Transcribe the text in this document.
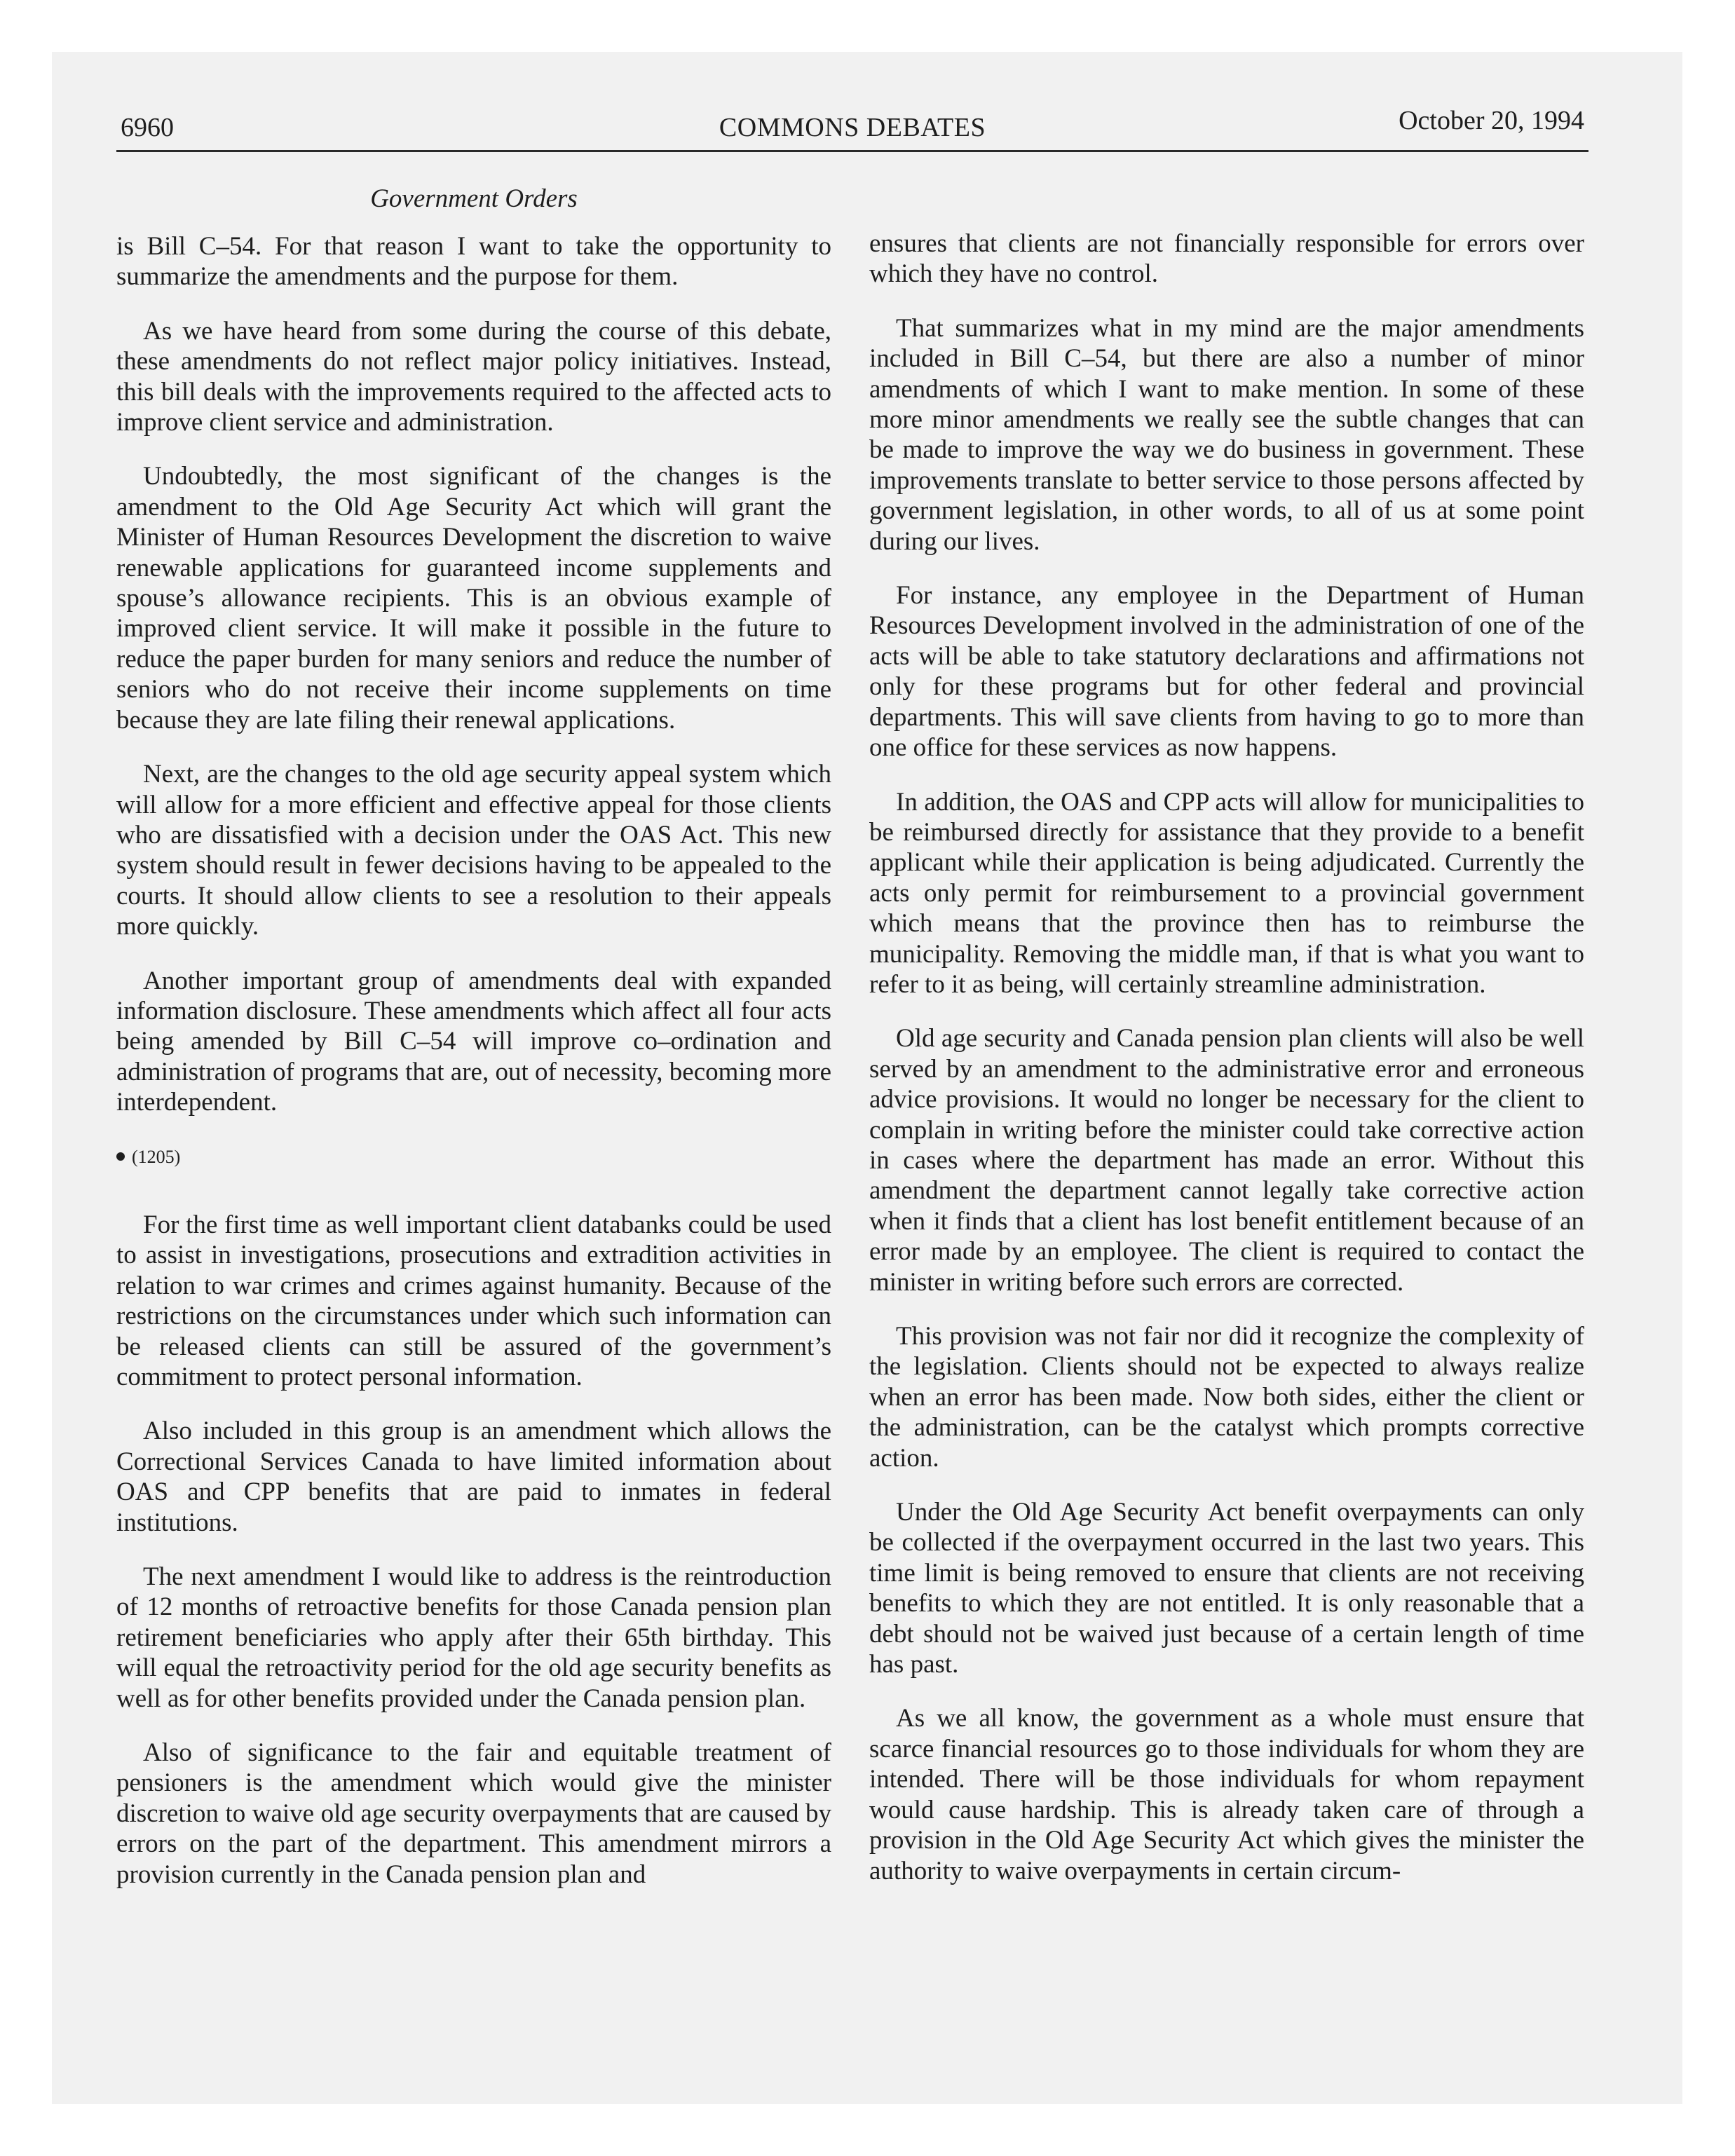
6960	COMMONS DEBATES	October 20, 1994
Government Orders

is Bill C–54. For that reason I want to take the opportunity to summarize the amendments and the purpose for them.

As we have heard from some during the course of this debate, these amendments do not reflect major policy initiatives. Instead, this bill deals with the improvements required to the affected acts to improve client service and administration.

Undoubtedly, the most significant of the changes is the amendment to the Old Age Security Act which will grant the Minister of Human Resources Development the discretion to waive renewable applications for guaranteed income supplements and spouse’s allowance recipients. This is an obvious example of improved client service. It will make it possible in the future to reduce the paper burden for many seniors and reduce the number of seniors who do not receive their income supplements on time because they are late filing their renewal applications.

Next, are the changes to the old age security appeal system which will allow for a more efficient and effective appeal for those clients who are dissatisfied with a decision under the OAS Act. This new system should result in fewer decisions having to be appealed to the courts. It should allow clients to see a resolution to their appeals more quickly.

Another important group of amendments deal with expanded information disclosure. These amendments which affect all four acts being amended by Bill C–54 will improve co–ordination and administration of programs that are, out of necessity, becoming more interdependent.

(1205)

For the first time as well important client databanks could be used to assist in investigations, prosecutions and extradition activities in relation to war crimes and crimes against humanity. Because of the restrictions on the circumstances under which such information can be released clients can still be assured of the government’s commitment to protect personal information.

Also included in this group is an amendment which allows the Correctional Services Canada to have limited information about OAS and CPP benefits that are paid to inmates in federal institutions.

The next amendment I would like to address is the reintroduction of 12 months of retroactive benefits for those Canada pension plan retirement beneficiaries who apply after their 65th birthday. This will equal the retroactivity period for the old age security benefits as well as for other benefits provided under the Canada pension plan.

Also of significance to the fair and equitable treatment of pensioners is the amendment which would give the minister discretion to waive old age security overpayments that are caused by errors on the part of the department. This amendment mirrors a provision currently in the Canada pension plan and

ensures that clients are not financially responsible for errors over which they have no control.

That summarizes what in my mind are the major amendments included in Bill C–54, but there are also a number of minor amendments of which I want to make mention. In some of these more minor amendments we really see the subtle changes that can be made to improve the way we do business in government. These improvements translate to better service to those persons affected by government legislation, in other words, to all of us at some point during our lives.

For instance, any employee in the Department of Human Resources Development involved in the administration of one of the acts will be able to take statutory declarations and affirmations not only for these programs but for other federal and provincial departments. This will save clients from having to go to more than one office for these services as now happens.

In addition, the OAS and CPP acts will allow for municipalities to be reimbursed directly for assistance that they provide to a benefit applicant while their application is being adjudicated. Currently the acts only permit for reimbursement to a provincial government which means that the province then has to reimburse the municipality. Removing the middle man, if that is what you want to refer to it as being, will certainly streamline administration.

Old age security and Canada pension plan clients will also be well served by an amendment to the administrative error and erroneous advice provisions. It would no longer be necessary for the client to complain in writing before the minister could take corrective action in cases where the department has made an error. Without this amendment the department cannot legally take corrective action when it finds that a client has lost benefit entitlement because of an error made by an employee. The client is required to contact the minister in writing before such errors are corrected.

This provision was not fair nor did it recognize the complexity of the legislation. Clients should not be expected to always realize when an error has been made. Now both sides, either the client or the administration, can be the catalyst which prompts corrective action.

Under the Old Age Security Act benefit overpayments can only be collected if the overpayment occurred in the last two years. This time limit is being removed to ensure that clients are not receiving benefits to which they are not entitled. It is only reasonable that a debt should not be waived just because of a certain length of time has past.

As we all know, the government as a whole must ensure that scarce financial resources go to those individuals for whom they are intended. There will be those individuals for whom repayment would cause hardship. This is already taken care of through a provision in the Old Age Security Act which gives the minister the authority to waive overpayments in certain circum-
